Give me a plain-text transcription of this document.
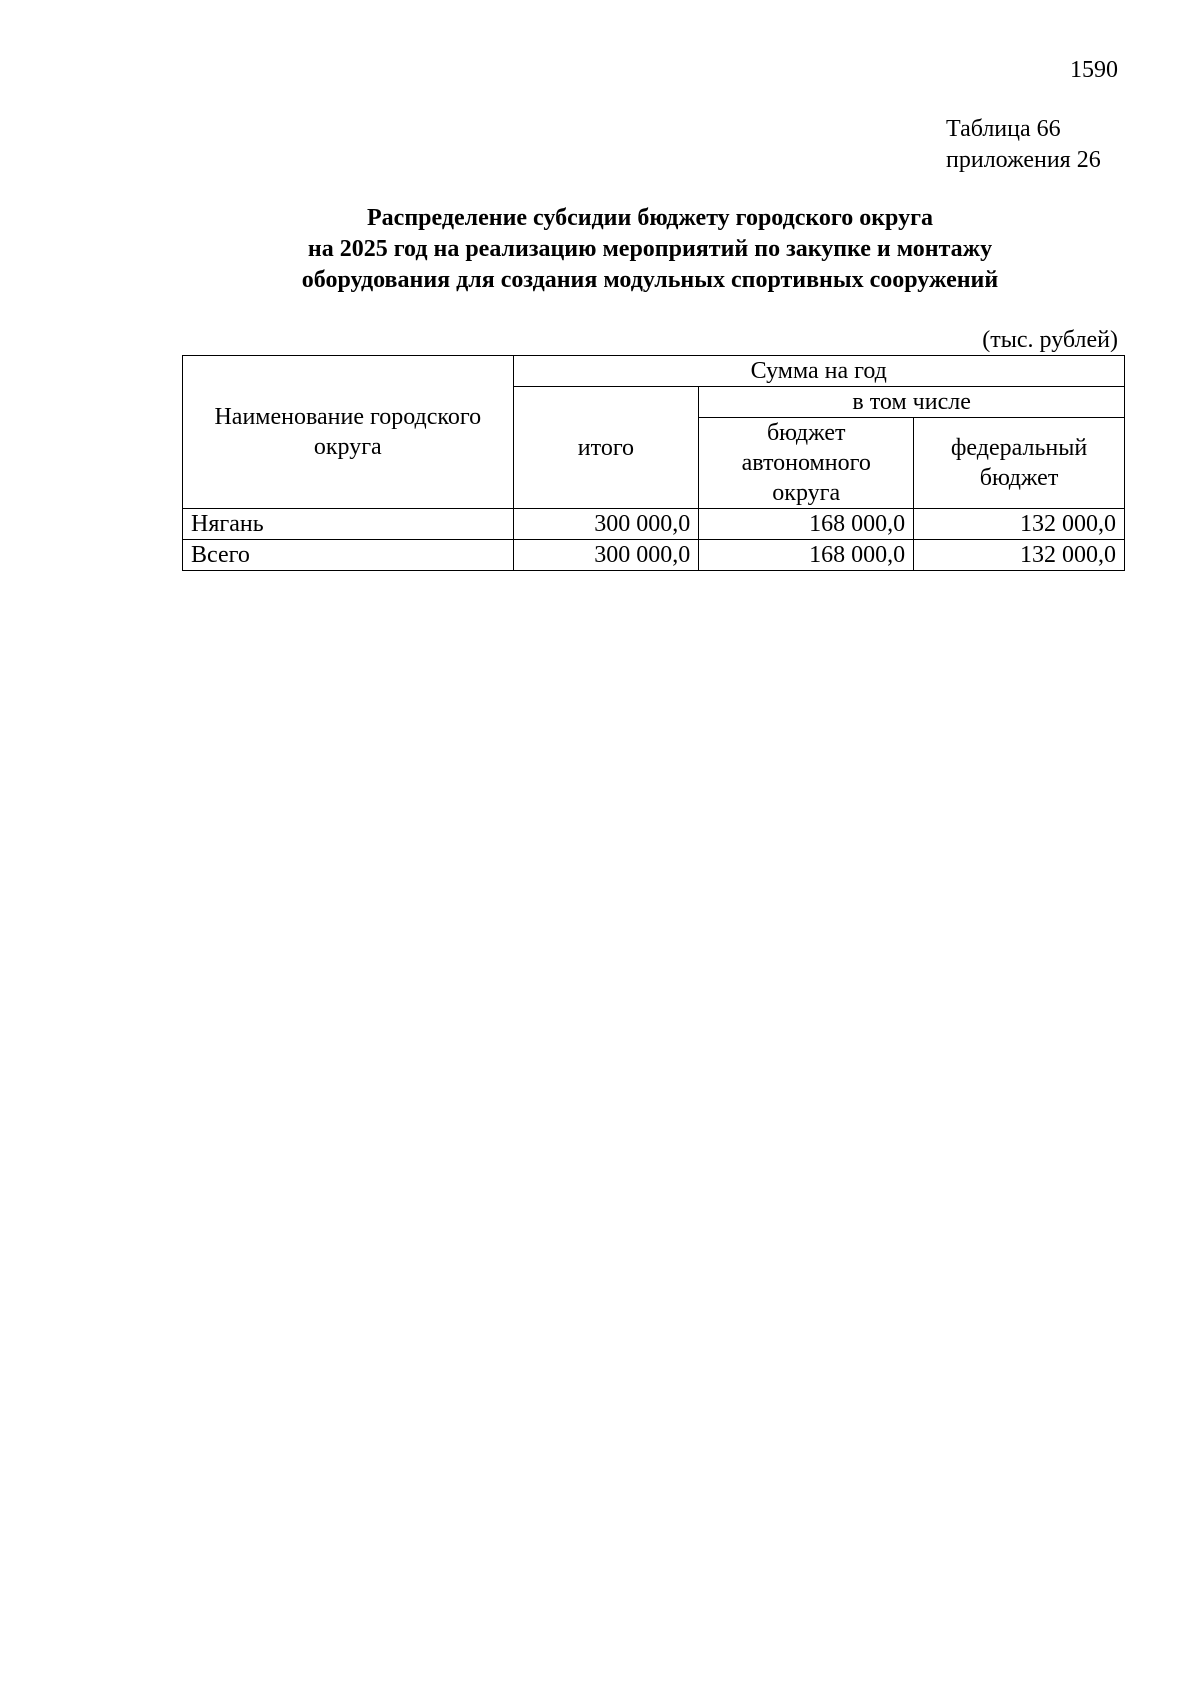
1590
Таблица 66
приложения 26
Распределение субсидии бюджету городского округа
на 2025 год на реализацию мероприятий по закупке и монтажу
оборудования для создания модульных спортивных сооружений
(тыс. рублей)
Наименование городского округа	Сумма на год		
	итого	в том числе	
		бюджет автономного округа	федеральный бюджет
Нягань	300 000,0	168 000,0	132 000,0
Всего	300 000,0	168 000,0	132 000,0
